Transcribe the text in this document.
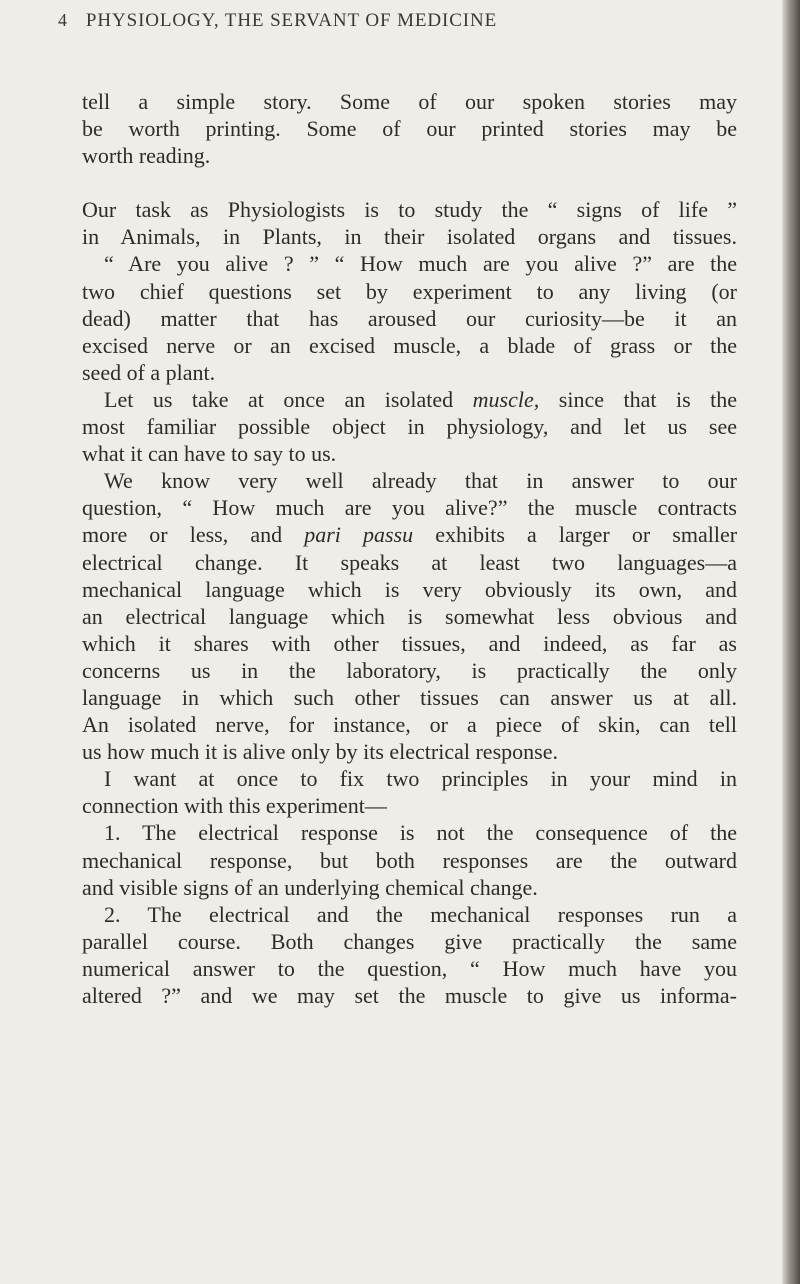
4 PHYSIOLOGY, THE SERVANT OF MEDICINE
tell a simple story. Some of our spoken stories may
be worth printing. Some of our printed stories may be
worth reading.
Our task as Physiologists is to study the “ signs of life ”
in Animals, in Plants, in their isolated organs and tissues.
“ Are you alive ? ” “ How much are you alive ?” are the
two chief questions set by experiment to any living (or
dead) matter that has aroused our curiosity—be it an
excised nerve or an excised muscle, a blade of grass or the
seed of a plant.
Let us take at once an isolated muscle, since that is the
most familiar possible object in physiology, and let us see
what it can have to say to us.
We know very well already that in answer to our
question, “ How much are you alive?” the muscle contracts
more or less, and pari passu exhibits a larger or smaller
electrical change. It speaks at least two languages—a
mechanical language which is very obviously its own, and
an electrical language which is somewhat less obvious and
which it shares with other tissues, and indeed, as far as
concerns us in the laboratory, is practically the only
language in which such other tissues can answer us at all.
An isolated nerve, for instance, or a piece of skin, can tell
us how much it is alive only by its electrical response.
I want at once to fix two principles in your mind in
connection with this experiment—
1. The electrical response is not the consequence of the
mechanical response, but both responses are the outward
and visible signs of an underlying chemical change.
2. The electrical and the mechanical responses run a
parallel course. Both changes give practically the same
numerical answer to the question, “ How much have you
altered ?” and we may set the muscle to give us informa-
